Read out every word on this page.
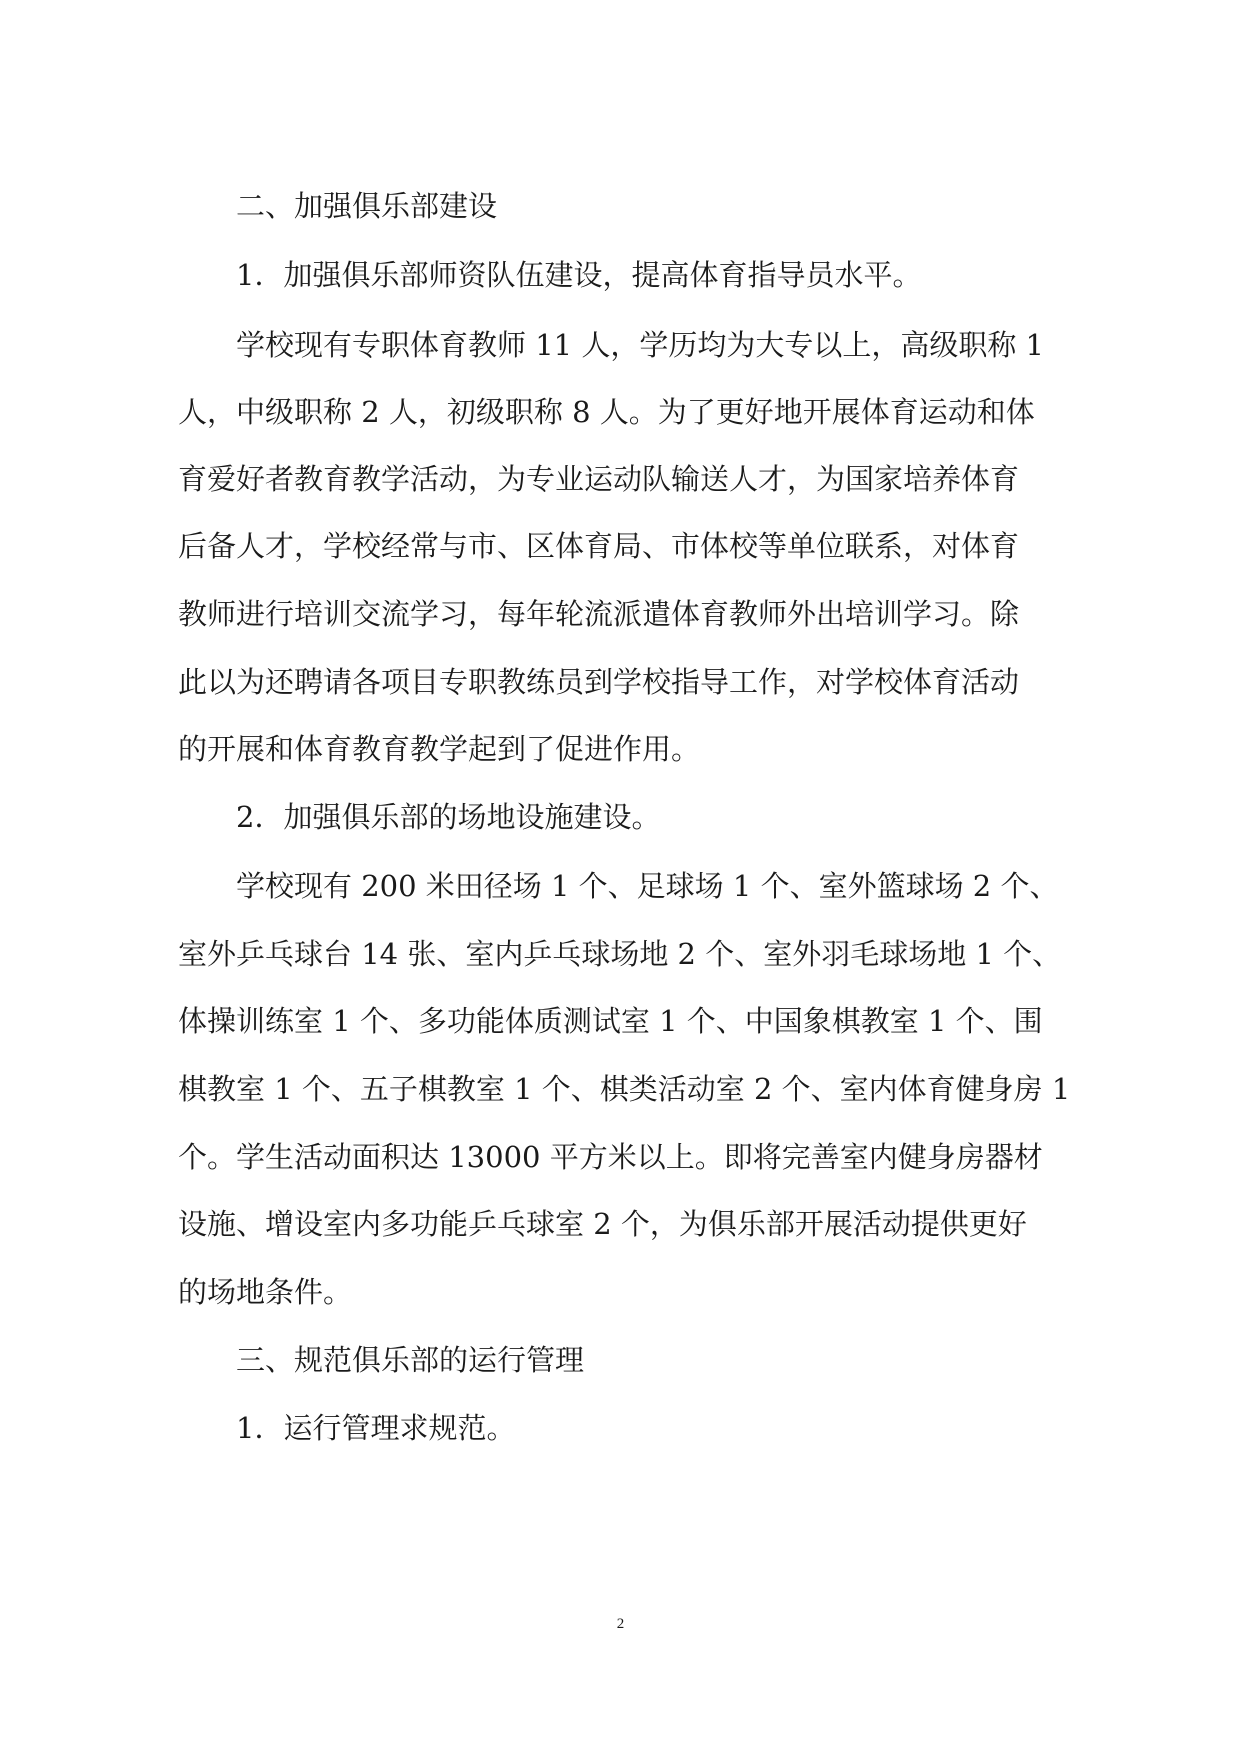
　　二、加强俱乐部建设

　　1．加强俱乐部师资队伍建设，提高体育指导员水平。

　　学校现有专职体育教师 11 人，学历均为大专以上，高级职称 1

人，中级职称 2 人，初级职称 8 人。为了更好地开展体育运动和体

育爱好者教育教学活动，为专业运动队输送人才，为国家培养体育

后备人才，学校经常与市、区体育局、市体校等单位联系，对体育

教师进行培训交流学习，每年轮流派遣体育教师外出培训学习。除

此以为还聘请各项目专职教练员到学校指导工作，对学校体育活动

的开展和体育教育教学起到了促进作用。

　　2．加强俱乐部的场地设施建设。

　　学校现有 200 米田径场 1 个、足球场 1 个、室外篮球场 2 个、

室外乒乓球台 14 张、室内乒乓球场地 2 个、室外羽毛球场地 1 个、

体操训练室 1 个、多功能体质测试室 1 个、中国象棋教室 1 个、围

棋教室 1 个、五子棋教室 1 个、棋类活动室 2 个、室内体育健身房 1

个。学生活动面积达 13000 平方米以上。即将完善室内健身房器材

设施、增设室内多功能乒乓球室 2 个，为俱乐部开展活动提供更好

的场地条件。

　　三、规范俱乐部的运行管理

　　1．运行管理求规范。

2
